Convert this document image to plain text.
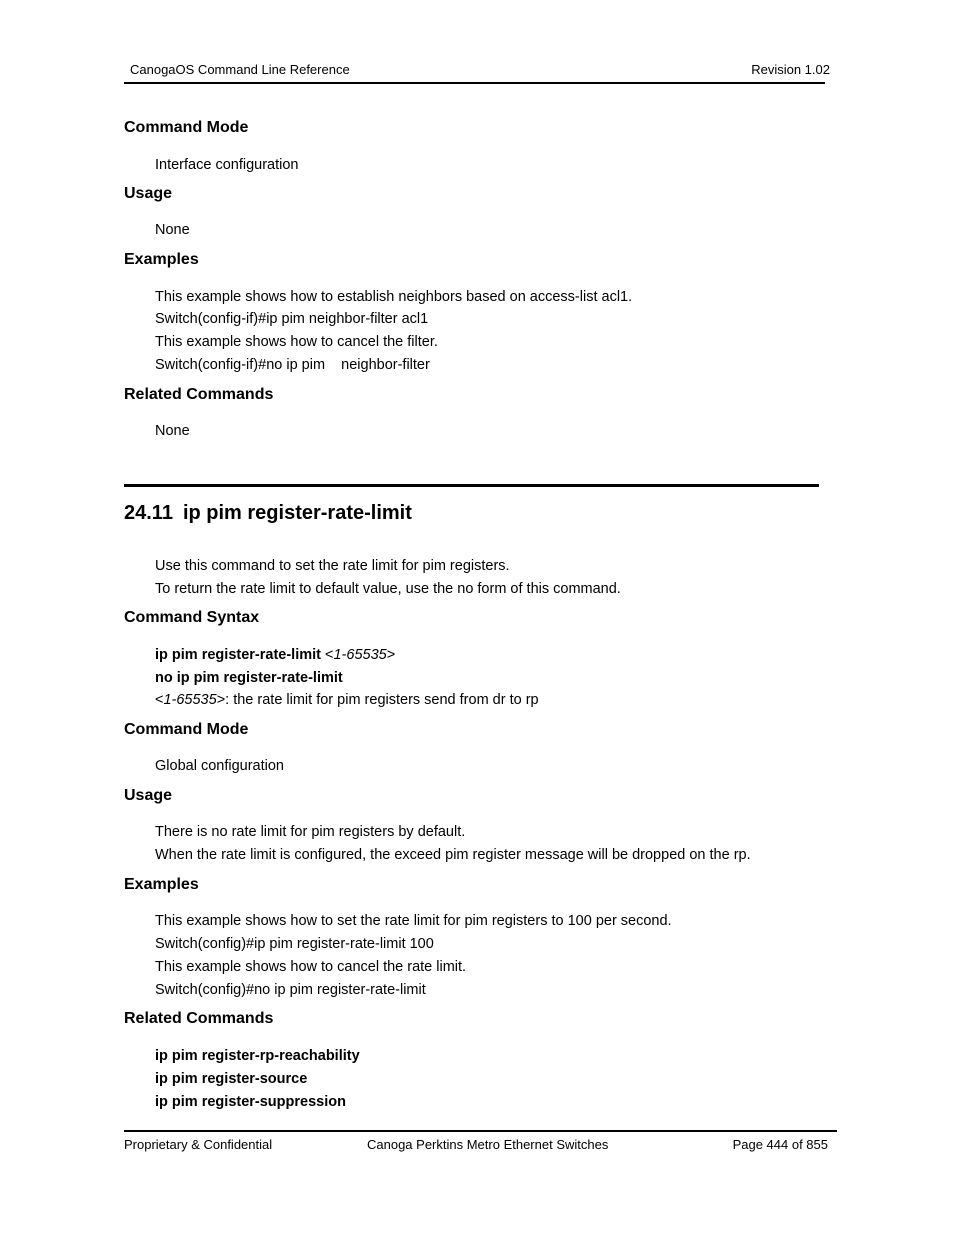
CanogaOS Command Line Reference	Revision 1.02
Command Mode
Interface configuration
Usage
None
Examples
This example shows how to establish neighbors based on access-list acl1.
Switch(config-if)#ip pim neighbor-filter acl1
This example shows how to cancel the filter.
Switch(config-if)#no ip pim    neighbor-filter
Related Commands
None
24.11 ip pim register-rate-limit
Use this command to set the rate limit for pim registers.
To return the rate limit to default value, use the no form of this command.
Command Syntax
ip pim register-rate-limit <1-65535>
no ip pim register-rate-limit
<1-65535>: the rate limit for pim registers send from dr to rp
Command Mode
Global configuration
Usage
There is no rate limit for pim registers by default.
When the rate limit is configured, the exceed pim register message will be dropped on the rp.
Examples
This example shows how to set the rate limit for pim registers to 100 per second.
Switch(config)#ip pim register-rate-limit 100
This example shows how to cancel the rate limit.
Switch(config)#no ip pim register-rate-limit
Related Commands
ip pim register-rp-reachability
ip pim register-source
ip pim register-suppression
Proprietary & Confidential	Canoga Perktins Metro Ethernet Switches	Page 444 of 855
